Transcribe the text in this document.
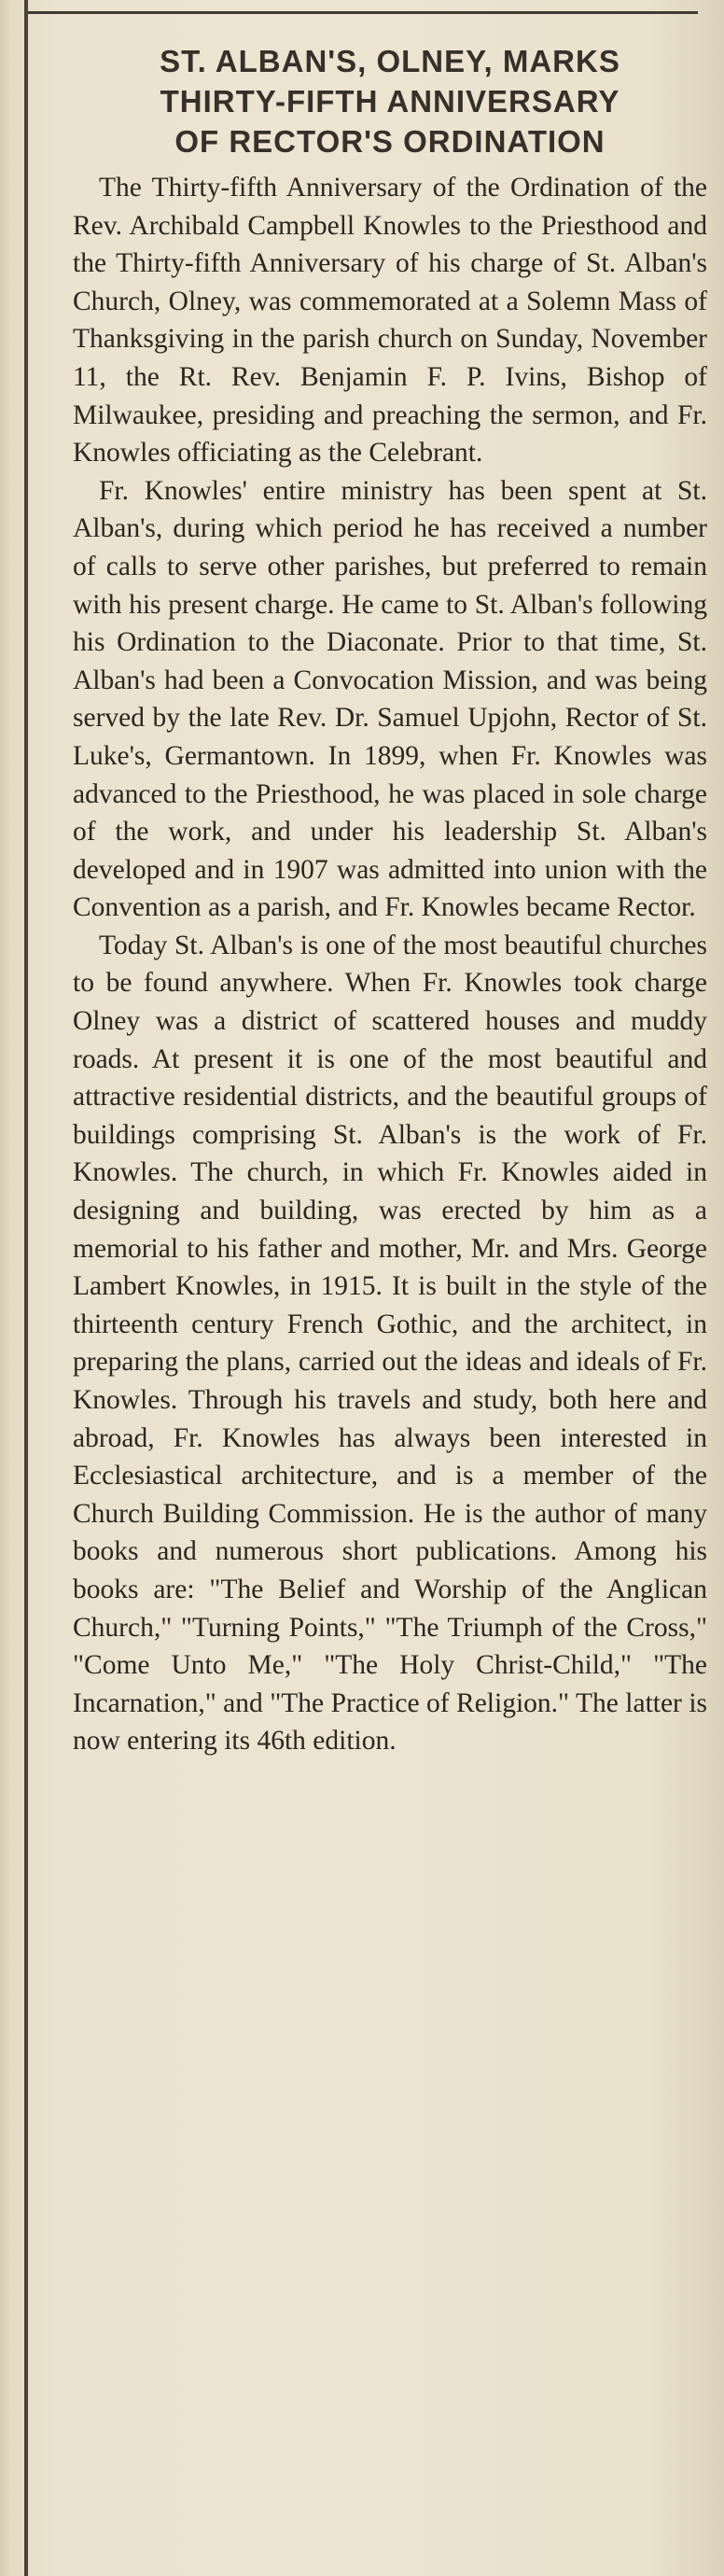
ST. ALBAN'S, OLNEY, MARKS
THIRTY-FIFTH ANNIVERSARY
OF RECTOR'S ORDINATION

The Thirty-fifth Anniversary of the Ordination of the Rev. Archibald Campbell Knowles to the Priesthood and the Thirty-fifth Anniversary of his charge of St. Alban's Church, Olney, was commemorated at a Solemn Mass of Thanksgiving in the parish church on Sunday, November 11, the Rt. Rev. Benjamin F. P. Ivins, Bishop of Milwaukee, presiding and preaching the sermon, and Fr. Knowles officiating as the Celebrant.

Fr. Knowles' entire ministry has been spent at St. Alban's, during which period he has received a number of calls to serve other parishes, but preferred to remain with his present charge. He came to St. Alban's following his Ordination to the Diaconate. Prior to that time, St. Alban's had been a Convocation Mission, and was being served by the late Rev. Dr. Samuel Upjohn, Rector of St. Luke's, Germantown. In 1899, when Fr. Knowles was advanced to the Priesthood, he was placed in sole charge of the work, and under his leadership St. Alban's developed and in 1907 was admitted into union with the Convention as a parish, and Fr. Knowles became Rector.

Today St. Alban's is one of the most beautiful churches to be found anywhere. When Fr. Knowles took charge Olney was a district of scattered houses and muddy roads. At present it is one of the most beautiful and attractive residential districts, and the beautiful groups of buildings comprising St. Alban's is the work of Fr. Knowles. The church, in which Fr. Knowles aided in designing and building, was erected by him as a memorial to his father and mother, Mr. and Mrs. George Lambert Knowles, in 1915. It is built in the style of the thirteenth century French Gothic, and the architect, in preparing the plans, carried out the ideas and ideals of Fr. Knowles. Through his travels and study, both here and abroad, Fr. Knowles has always been interested in Ecclesiastical architecture, and is a member of the Church Building Commission. He is the author of many books and numerous short publications. Among his books are: "The Belief and Worship of the Anglican Church," "Turning Points," "The Triumph of the Cross," "Come Unto Me," "The Holy Christ-Child," "The Incarnation," and "The Practice of Religion." The latter is now entering its 46th edition.
